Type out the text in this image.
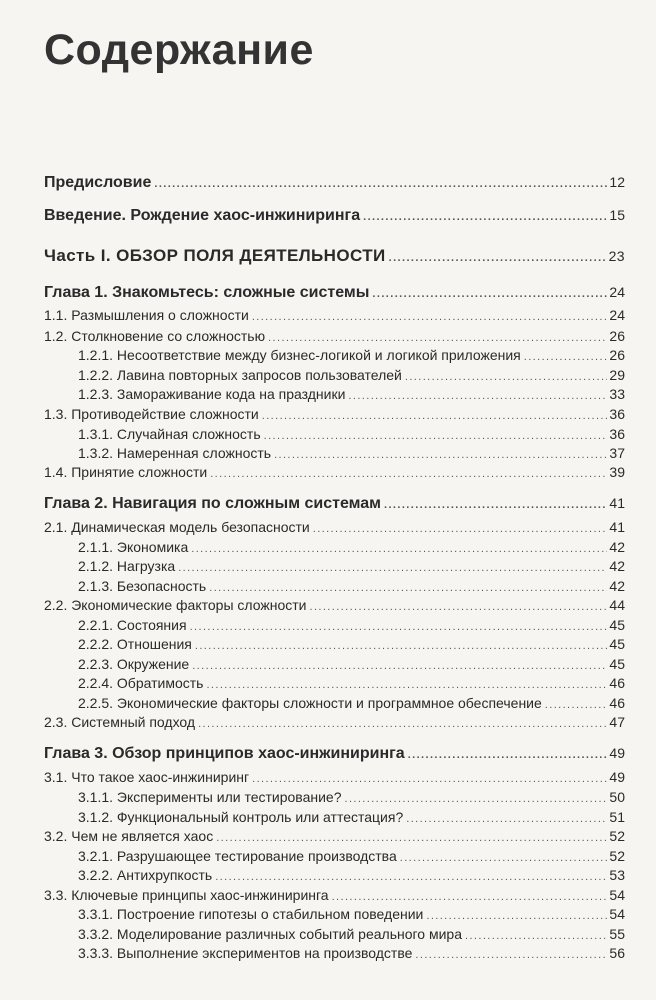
Содержание
Предисловие .....	12
Введение. Рождение хаос-инжиниринга .....	15
Часть I. ОБЗОР ПОЛЯ ДЕЯТЕЛЬНОСТИ .....	23
Глава 1. Знакомьтесь: сложные системы .....	24
1.1. Размышления о сложности .....	24
1.2. Столкновение со сложностью .....	26
1.2.1. Несоответствие между бизнес-логикой и логикой приложения .....	26
1.2.2. Лавина повторных запросов пользователей .....	29
1.2.3. Замораживание кода на праздники .....	33
1.3. Противодействие сложности .....	36
1.3.1. Случайная сложность .....	36
1.3.2. Намеренная сложность .....	37
1.4. Принятие сложности .....	39
Глава 2. Навигация по сложным системам .....	41
2.1. Динамическая модель безопасности .....	41
2.1.1. Экономика .....	42
2.1.2. Нагрузка .....	42
2.1.3. Безопасность .....	42
2.2. Экономические факторы сложности .....	44
2.2.1. Состояния .....	45
2.2.2. Отношения .....	45
2.2.3. Окружение .....	45
2.2.4. Обратимость .....	46
2.2.5. Экономические факторы сложности и программное обеспечение .....	46
2.3. Системный подход .....	47
Глава 3. Обзор принципов хаос-инжиниринга .....	49
3.1. Что такое хаос-инжиниринг .....	49
3.1.1. Эксперименты или тестирование? .....	50
3.1.2. Функциональный контроль или аттестация? .....	51
3.2. Чем не является хаос .....	52
3.2.1. Разрушающее тестирование производства .....	52
3.2.2. Антихрупкость .....	53
3.3. Ключевые принципы хаос-инжиниринга .....	54
3.3.1. Построение гипотезы о стабильном поведении .....	54
3.3.2. Моделирование различных событий реального мира .....	55
3.3.3. Выполнение экспериментов на производстве .....	56
